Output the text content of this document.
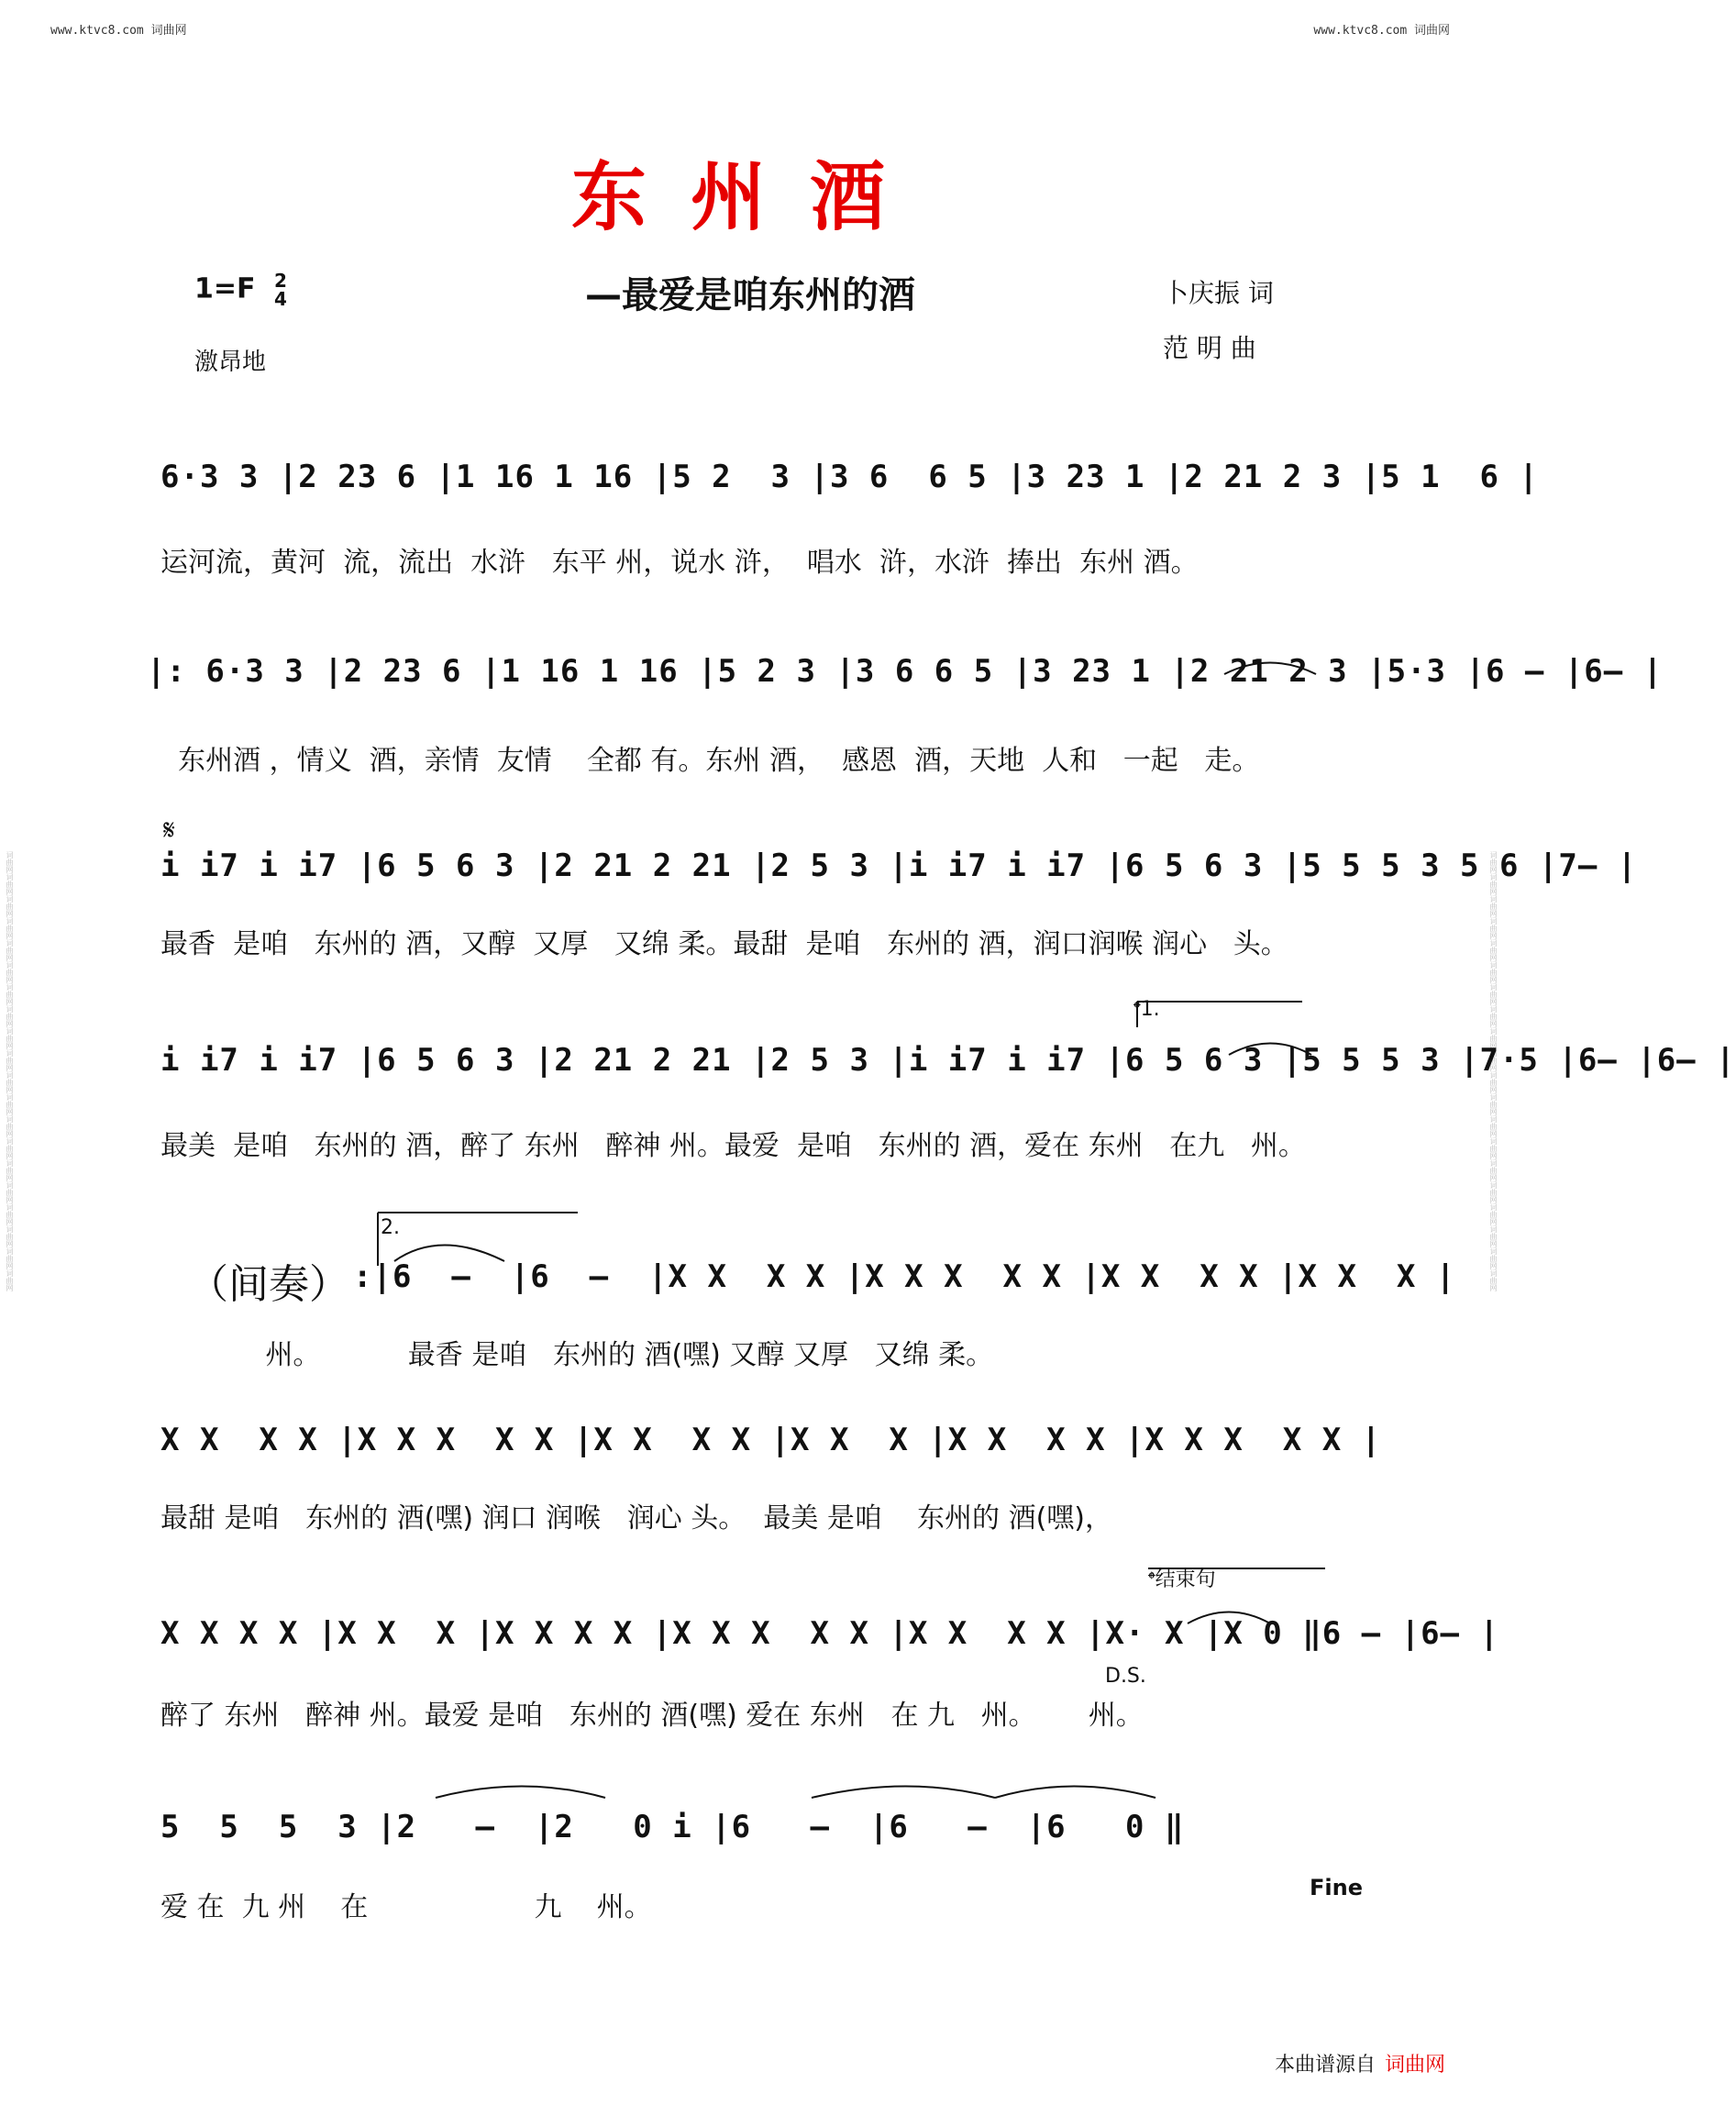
www.ktvc8.com 词曲网	www.ktvc8.com 词曲网
词曲网词曲网词曲网词曲网词曲网词曲网词曲网词曲网词曲网词曲网词曲网词曲网词曲网词曲网词曲网词曲网词曲网词曲网词曲网词曲网	词曲网词曲网词曲网词曲网词曲网词曲网词曲网词曲网词曲网词曲网词曲网词曲网词曲网词曲网词曲网词曲网词曲网词曲网词曲网词曲网
东州酒
—最爱是咱东州的酒
1=F 2
4
激昂地
卜庆振 词
范 明 曲
6·3 3 |2 23 6 |1 16 1 16 |5 2  3 |3 6  6 5 |3 23 1 |2 21 2 3 |5 1  6 |
运河流，黄河  流，流出  水浒   东平 州，说水 浒，  唱水  浒，水浒  捧出  东州 酒。
|: 6·3 3 |2 23 6 |1 16 1 16 |5 2 3 |3 6 6 5 |3 23 1 |2 21 2 3 |5·3 |6 – |6– |
东州酒 ，情义  酒，亲情  友情    全都 有。东州 酒，  感恩  酒，天地  人和   一起   走。
𝄋
i i7 i i7 |6 5 6 3 |2 21 2 21 |2 5 3 |i i7 i i7 |6 5 6 3 |5 5 5 3 5 6 |7– |
最香  是咱   东州的 酒，又醇  又厚   又绵 柔。最甜  是咱   东州的 酒，润口润喉 润心   头。
𝄌1.
i i7 i i7 |6 5 6 3 |2 21 2 21 |2 5 3 |i i7 i i7 |6 5 6 3 |5 5 5 3 |7·5 |6– |6– |
最美  是咱   东州的 酒，醉了 东州   醉神 州。最爱  是咱   东州的 酒，爱在 东州   在九   州。
2.
（间奏） :|6  –  |6  –  |X X  X X |X X X  X X |X X  X X |X X  X |
州。          最香 是咱   东州的 酒(嘿) 又醇 又厚   又绵 柔。
X X  X X |X X X  X X |X X  X X |X X  X |X X  X X |X X X  X X |
最甜 是咱   东州的 酒(嘿) 润口 润喉   润心 头。  最美 是咱    东州的 酒(嘿)，
𝄌结束句
X X X X |X X  X |X X X X |X X X  X X |X X  X X |X· X |X 0 ‖6 – |6– |
D.S.
醉了 东州   醉神 州。最爱 是咱   东州的 酒(嘿) 爱在 东州   在 九   州。      州。
5  5  5  3 |2   –  |2   0 i |6   –  |6   –  |6   0 ‖
爱 在  九 州    在                   九    州。
Fine
本曲谱源自 词曲网
